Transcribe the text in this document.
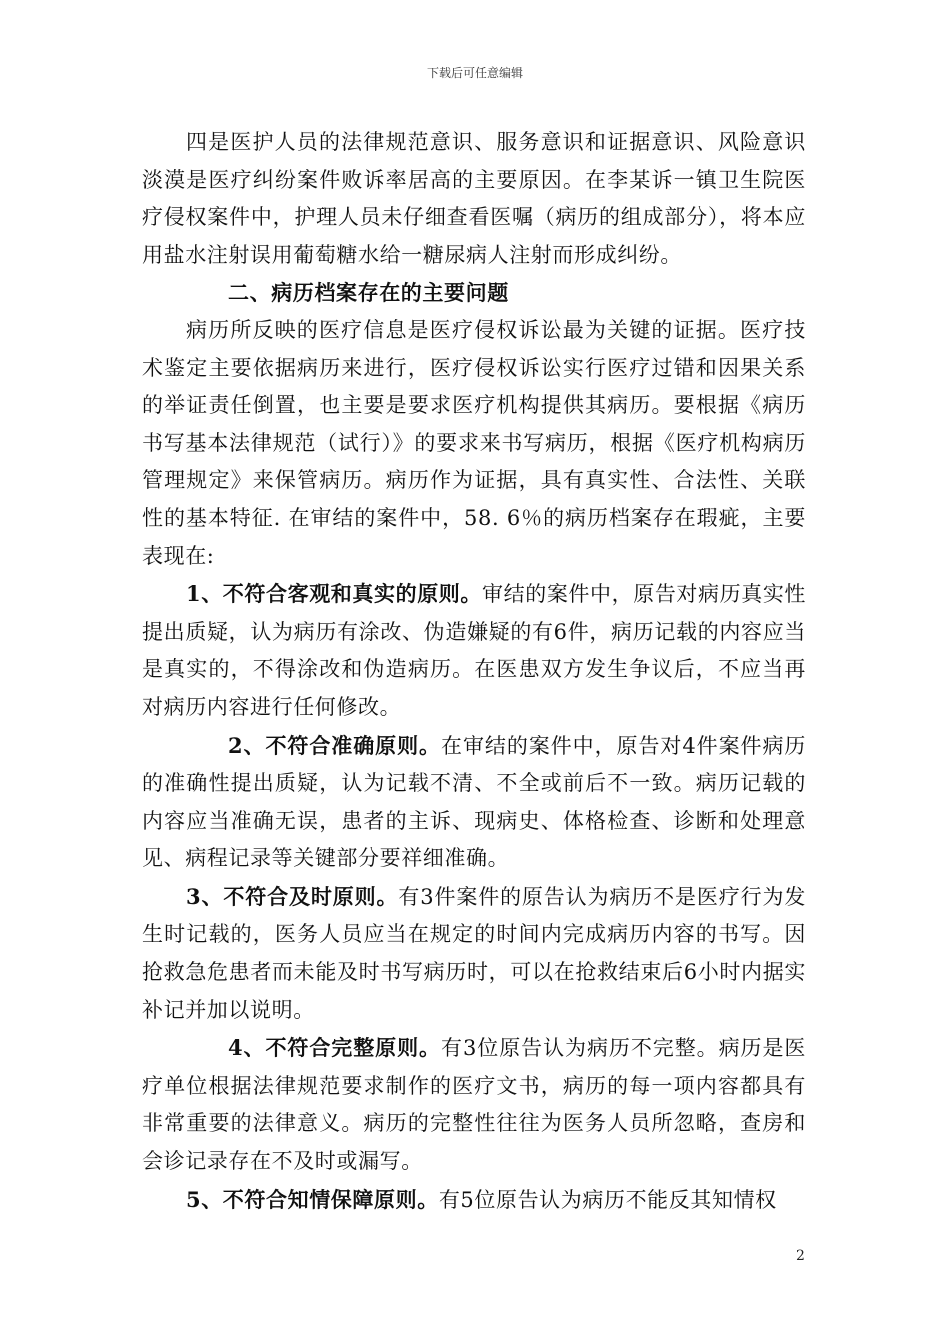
下载后可任意编辑

四是医护人员的法律规范意识、服务意识和证据意识、风险意识淡漠是医疗纠纷案件败诉率居高的主要原因。在李某诉一镇卫生院医疗侵权案件中，护理人员未仔细查看医嘱（病历的组成部分），将本应用盐水注射误用葡萄糖水给一糖尿病人注射而形成纠纷。

二、病历档案存在的主要问题

病历所反映的医疗信息是医疗侵权诉讼最为关键的证据。医疗技术鉴定主要依据病历来进行，医疗侵权诉讼实行医疗过错和因果关系的举证责任倒置，也主要是要求医疗机构提供其病历。要根据《病历书写基本法律规范（试行）》的要求来书写病历，根据《医疗机构病历管理规定》来保管病历。病历作为证据，具有真实性、合法性、关联性的基本特征. 在审结的案件中，58. 6％的病历档案存在瑕疵，主要表现在:

1、不符合客观和真实的原则。审结的案件中，原告对病历真实性提出质疑，认为病历有涂改、伪造嫌疑的有6件，病历记载的内容应当是真实的，不得涂改和伪造病历。在医患双方发生争议后，不应当再对病历内容进行任何修改。

2、不符合准确原则。在审结的案件中，原告对4件案件病历的准确性提出质疑，认为记载不清、不全或前后不一致。病历记载的内容应当准确无误，患者的主诉、现病史、体格检查、诊断和处理意见、病程记录等关键部分要祥细准确。

3、不符合及时原则。有3件案件的原告认为病历不是医疗行为发生时记载的，医务人员应当在规定的时间内完成病历内容的书写。因抢救急危患者而未能及时书写病历时，可以在抢救结束后6小时内据实补记并加以说明。

4、不符合完整原则。有3位原告认为病历不完整。病历是医疗单位根据法律规范要求制作的医疗文书，病历的每一项内容都具有非常重要的法律意义。病历的完整性往往为医务人员所忽略，查房和会诊记录存在不及时或漏写。

5、不符合知情保障原则。有5位原告认为病历不能反其知情权

2
